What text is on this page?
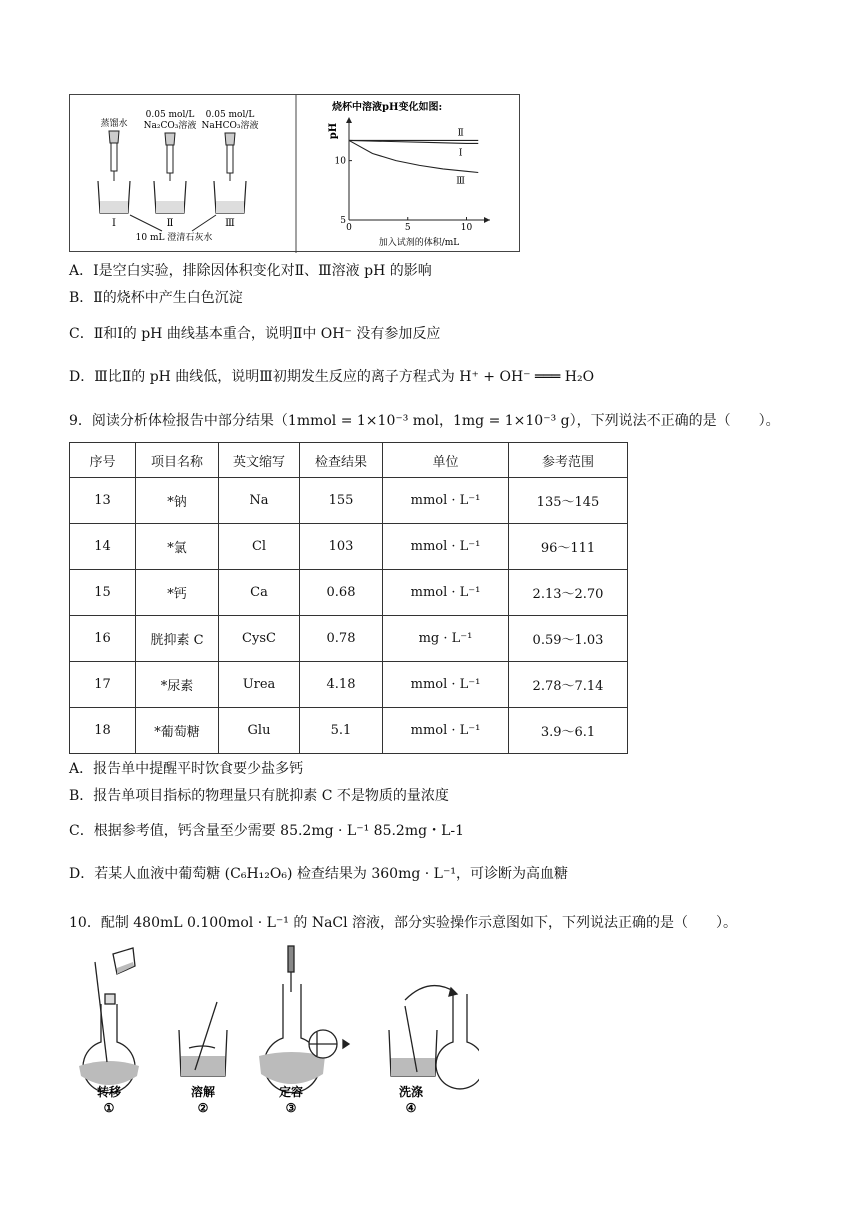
蒸馏水
0.05 mol/L
Na₂CO₃溶液
0.05 mol/L
NaHCO₃溶液
Ⅰ	Ⅱ	Ⅲ
10 mL 澄清石灰水
烧杯中溶液pH变化如图:
pH
0	5	10
5
10
Ⅱ
Ⅰ
Ⅲ
加入试剂的体积/mL
A．Ⅰ是空白实验，排除因体积变化对Ⅱ、Ⅲ溶液 pH 的影响
B．Ⅱ的烧杯中产生白色沉淀
C．Ⅱ和Ⅰ的 pH 曲线基本重合，说明Ⅱ中 OH⁻ 没有参加反应
D．Ⅲ比Ⅱ的 pH 曲线低，说明Ⅲ初期发生反应的离子方程式为 H⁺ + OH⁻ ═══ H₂O
9．阅读分析体检报告中部分结果（1mmol = 1×10⁻³ mol，1mg = 1×10⁻³ g），下列说法不正确的是（　　）。
序号	项目名称	英文缩写	检查结果	单位	参考范围
13	*钠	Na	155	mmol · L⁻¹	135～145
14	*氯	Cl	103	mmol · L⁻¹	96～111
15	*钙	Ca	0.68	mmol · L⁻¹	2.13～2.70
16	胱抑素 C	CysC	0.78	mg · L⁻¹	0.59～1.03
17	*尿素	Urea	4.18	mmol · L⁻¹	2.78～7.14
18	*葡萄糖	Glu	5.1	mmol · L⁻¹	3.9～6.1
A．报告单中提醒平时饮食要少盐多钙
B．报告单项目指标的物理量只有胱抑素 C 不是物质的量浓度
C．根据参考值，钙含量至少需要 85.2mg · L⁻¹ 85.2mg・L-1
D．若某人血液中葡萄糖 (C₆H₁₂O₆) 检查结果为 360mg · L⁻¹，可诊断为高血糖
10．配制 480mL 0.100mol · L⁻¹ 的 NaCl 溶液，部分实验操作示意图如下，下列说法正确的是（　　）。
转移
①
溶解
②
定容
③
洗涤
④
